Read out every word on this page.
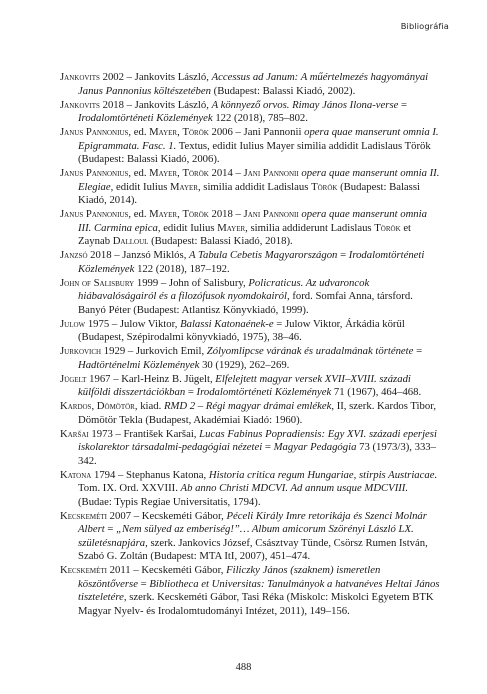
Bibliográfia

Jankovits 2002 – Jankovits László, Accessus ad Janum: A műértelmezés hagyományai Janus Pannonius költészetében (Budapest: Balassi Kiadó, 2002).

Jankovits 2018 – Jankovits László, A könnyező orvos. Rimay János Ilona-verse = Irodalomtörténeti Közlemények 122 (2018), 785–802.

Janus Pannonius, ed. Mayer, Török 2006 – Jani Pannonii opera quae manserunt omnia I. Epigrammata. Fasc. 1. Textus, edidit Iulius Mayer similia addidit Ladislaus Török (Budapest: Balassi Kiadó, 2006).

Janus Pannonius, ed. Mayer, Török 2014 – Jani Pannonii opera quae manserunt omnia II. Elegiae, edidit Iulius Mayer, similia addidit Ladislaus Török (Budapest: Balassi Kiadó, 2014).

Janus Pannonius, ed. Mayer, Török 2018 – Jani Pannonii opera quae manserunt omnia III. Carmina epica, edidit Iulius Mayer, similia addiderunt Ladislaus Török et Zaynab Dalloul (Budapest: Balassi Kiadó, 2018).

Janzsó 2018 – Janzsó Miklós, A Tabula Cebetis Magyarországon = Irodalomtörténeti Közlemények 122 (2018), 187–192.

John of Salisbury 1999 – John of Salisbury, Policraticus. Az udvaroncok hiábavalóságairól és a filozófusok nyomdokairól, ford. Somfai Anna, társford. Banyó Péter (Budapest: Atlantisz Könyvkiadó, 1999).

Julow 1975 – Julow Viktor, Balassi Katonaének-e = Julow Viktor, Árkádia körül (Budapest, Szépirodalmi könyvkiadó, 1975), 38–46.

Jurkovich 1929 – Jurkovich Emil, Zólyomlipcse várának és uradalmának története = Hadtörténelmi Közlemények 30 (1929), 262–269.

Jügelt 1967 – Karl-Heinz B. Jügelt, Elfelejtett magyar versek XVII–XVIII. századi külföldi disszertációkban = Irodalomtörténeti Közlemények 71 (1967), 464–468.

Kardos, Dömötör, kiad. RMD 2 – Régi magyar drámai emlékek, II, szerk. Kardos Tibor, Dömötör Tekla (Budapest, Akadémiai Kiadó: 1960).

Karšai 1973 – František Karšai, Lucas Fabinus Popradiensis: Egy XVI. századi eperjesi iskolarektor társadalmi-pedagógiai nézetei = Magyar Pedagógia 73 (1973/3), 333–342.

Katona 1794 – Stephanus Katona, Historia critica regum Hungariae, stirpis Austriacae. Tom. IX. Ord. XXVIII. Ab anno Christi MDCVI. Ad annum usque MDCVIII. (Budae: Typis Regiae Universitatis, 1794).

Kecskeméti 2007 – Kecskeméti Gábor, Péceli Király Imre retorikája és Szenci Molnár Albert = „Nem sülyed az emberiség!”… Album amicorum Szörényi László LX. születésnapjára, szerk. Jankovics József, Császtvay Tünde, Csörsz Rumen István, Szabó G. Zoltán (Budapest: MTA ItI, 2007), 451–474.

Kecskeméti 2011 – Kecskeméti Gábor, Filiczky János (szaknem) ismeretlen köszöntőverse = Bibliotheca et Universitas: Tanulmányok a hatvanéves Heltai János tiszteletére, szerk. Kecskeméti Gábor, Tasi Réka (Miskolc: Miskolci Egyetem BTK Magyar Nyelv- és Irodalomtudományi Intézet, 2011), 149–156.

488
